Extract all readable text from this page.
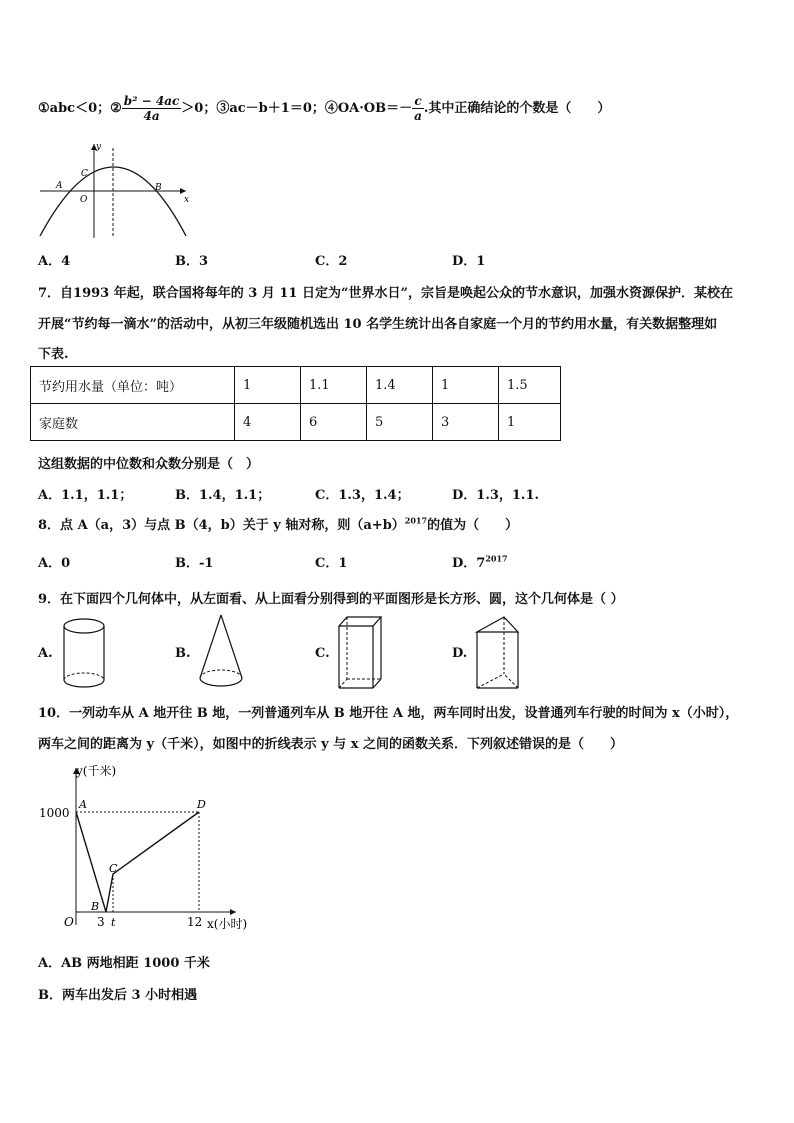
①abc＜0；② $\frac{\text{b² − 4ac}}{4a} >0$；③ac－b＋1＝0；④OA·OB＝－ $\frac{c}{a}$ .其中正确结论的个数是（　　）
y
x
A	B
C
O
A．4	B．3	C．2	D．1
7．自1993 年起，联合国将每年的 3 月 11 日定为“世界水日”，宗旨是唤起公众的节水意识，加强水资源保护．某校在
开展“节约每一滴水”的活动中，从初三年级随机选出 10 名学生统计出各自家庭一个月的节约用水量，有关数据整理如
下表.
节约用水量（单位：吨）	1	1.1	1.4	1	1.5
家庭数	4	6	5	3	1
这组数据的中位数和众数分别是（　）
A．1.1，1.1；	B．1.4，1.1；	C．1.3，1.4；	D．1.3，1.1.
8．点 A（a，3）与点 B（4，b）关于 y 轴对称，则$(a+b)^{2017}$的值为（　　）
A．0	B．-1	C．1	D．$7^{2017}$
9．在下面四个几何体中，从左面看、从上面看分别得到的平面图形是长方形、圆，这个几何体是（ ）
A.	B.	C.	D.
10．一列动车从 A 地开往 B 地，一列普通列车从 B 地开往 A 地，两车同时出发，设普通列车行驶的时间为 x（小时），
两车之间的距离为 y（千米），如图中的折线表示 y 与 x 之间的函数关系．下列叙述错误的是（　　）
y(千米)
x(小时)
1000
A
B
C
D
O 3 t	12
A．AB 两地相距 1000 千米
B．两车出发后 3 小时相遇
